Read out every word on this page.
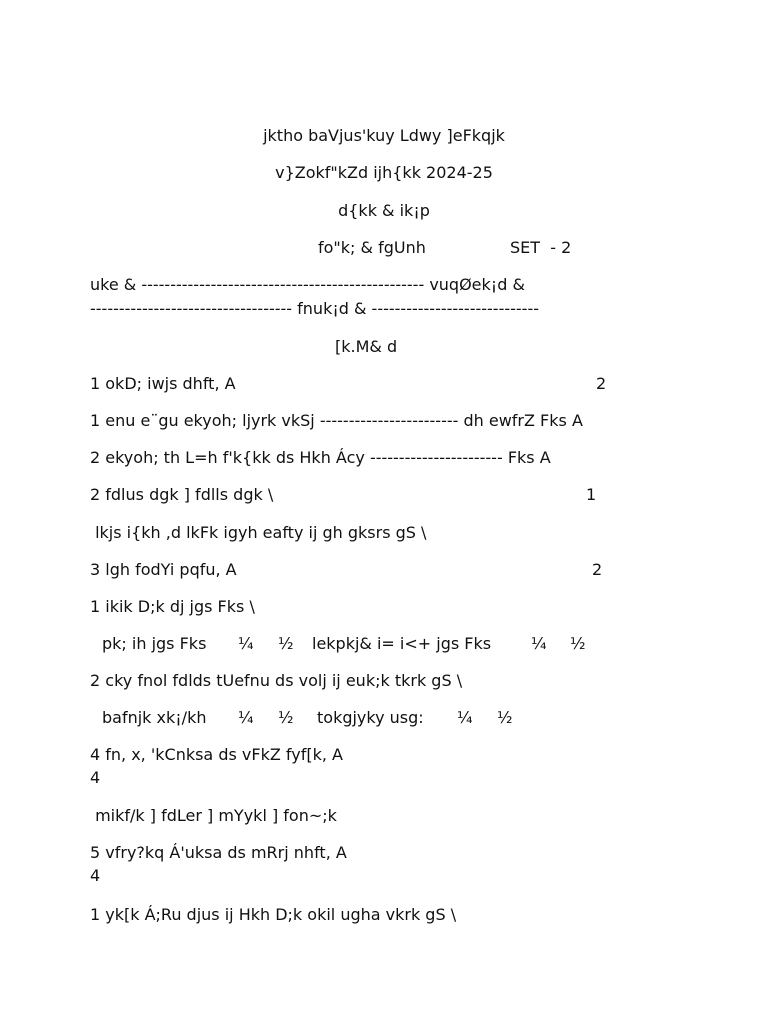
jktho baVjus'kuy Ldwy ]eFkqjk
v}Zokf"kZd ijh{kk 2024-25
d{kk & ik¡p
fo"k; & fgUnh	SET  - 2
uke & ------------------------------------------------- vuqØek¡d &
----------------------------------- fnuk¡d & -----------------------------
[k.M& d
1 okD; iwjs dhft, A	2
1 enu e¨gu ekyoh; ljyrk vkSj ------------------------ dh ewfrZ Fks A
2 ekyoh; th L=h f'k{kk ds Hkh Ácy ----------------------- Fks A
2 fdlus dgk ] fdlls dgk \	1
lkjs i{kh ,d lkFk igyh eafty ij gh gksrs gS \
3 lgh fodYi pqfu, A	2
1 ikik D;k dj jgs Fks \
pk; ih jgs Fks ¼ ½ lekpkj& i= i<+ jgs Fks ¼ ½
2 cky fnol fdlds tUefnu ds volj ij euk;k tkrk gS \
bafnjk xk¡/kh ¼ ½ tokgjyky usg: ¼ ½
4 fn, x, 'kCnksa ds vFkZ fyf[k, A
4
mikf/k ] fdLer ] mYykl ] fon~;k
5 vfry?kq Á'uksa ds mRrj nhft, A
4
1 yk[k Á;Ru djus ij Hkh D;k okil ugha vkrk gS \
